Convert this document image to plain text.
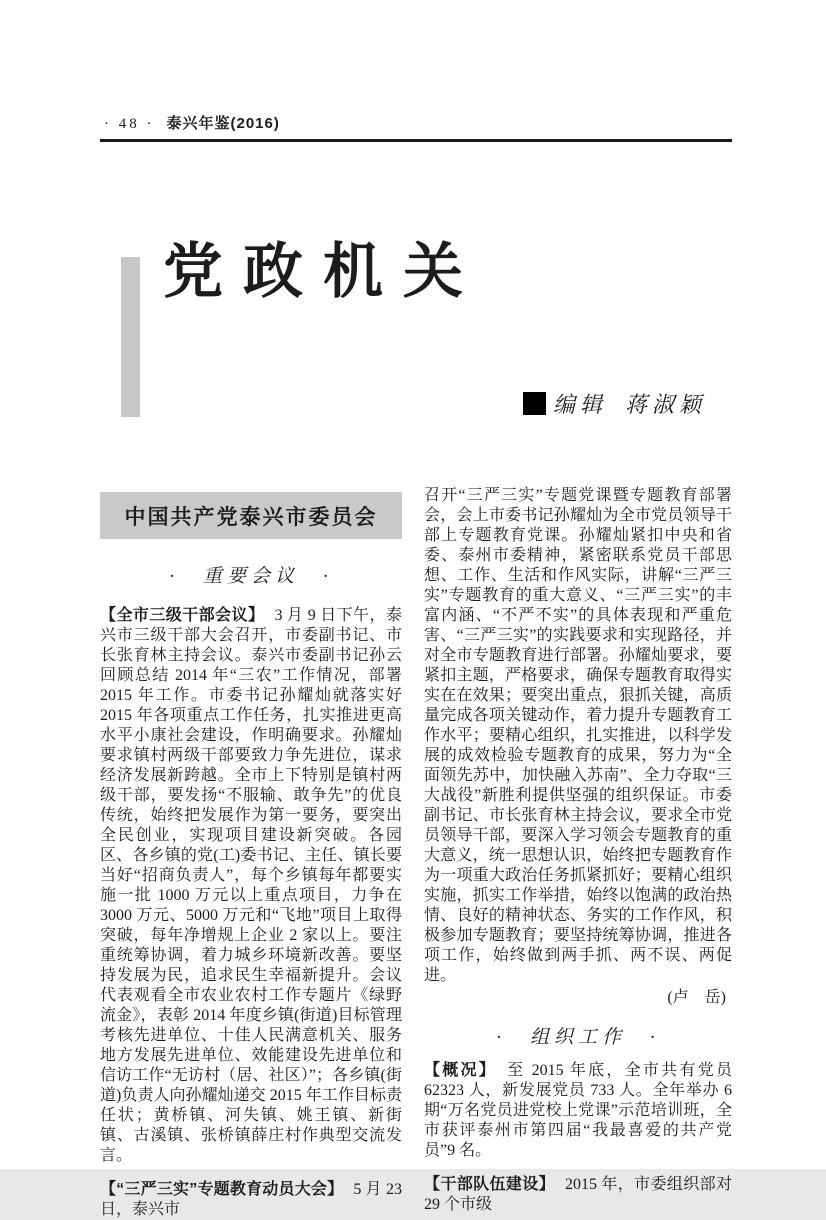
· 48 · 泰兴年鉴(2016)
党政机关
编辑 蒋淑颖
中国共产党泰兴市委员会
·　重要会议　·

【全市三级干部会议】 3 月 9 日下午，泰兴市三级干部大会召开，市委副书记、市长张育林主持会议。泰兴市委副书记孙云回顾总结 2014 年“三农”工作情况，部署 2015 年工作。市委书记孙耀灿就落实好 2015 年各项重点工作任务，扎实推进更高水平小康社会建设，作明确要求。孙耀灿要求镇村两级干部要致力争先进位，谋求经济发展新跨越。全市上下特别是镇村两级干部，要发扬“不服输、敢争先”的优良传统，始终把发展作为第一要务，要突出全民创业，实现项目建设新突破。各园区、各乡镇的党(工)委书记、主任、镇长要当好“招商负责人”，每个乡镇每年都要实施一批 1000 万元以上重点项目，力争在 3000 万元、5000 万元和“飞地”项目上取得突破，每年净增规上企业 2 家以上。要注重统筹协调，着力城乡环境新改善。要坚持发展为民，追求民生幸福新提升。会议代表观看全市农业农村工作专题片《绿野流金》，表彰 2014 年度乡镇(街道)目标管理考核先进单位、十佳人民满意机关、服务地方发展先进单位、效能建设先进单位和信访工作“无访村（居、社区）”；各乡镇(街道)负责人向孙耀灿递交 2015 年工作目标责任状；黄桥镇、河失镇、姚王镇、新街镇、古溪镇、张桥镇薛庄村作典型交流发言。

【“三严三实”专题教育动员大会】 5 月 23 日，泰兴市

召开“三严三实”专题党课暨专题教育部署会，会上市委书记孙耀灿为全市党员领导干部上专题教育党课。孙耀灿紧扣中央和省委、泰州市委精神，紧密联系党员干部思想、工作、生活和作风实际，讲解“三严三实”专题教育的重大意义、“三严三实”的丰富内涵、“不严不实”的具体表现和严重危害、“三严三实”的实践要求和实现路径，并对全市专题教育进行部署。孙耀灿要求，要紧扣主题，严格要求，确保专题教育取得实实在在效果；要突出重点，狠抓关键，高质量完成各项关键动作，着力提升专题教育工作水平；要精心组织，扎实推进，以科学发展的成效检验专题教育的成果，努力为“全面领先苏中，加快融入苏南”、全力夺取“三大战役”新胜利提供坚强的组织保证。市委副书记、市长张育林主持会议，要求全市党员领导干部，要深入学习领会专题教育的重大意义，统一思想认识，始终把专题教育作为一项重大政治任务抓紧抓好；要精心组织实施，抓实工作举措，始终以饱满的政治热情、良好的精神状态、务实的工作作风，积极参加专题教育；要坚持统筹协调，推进各项工作，始终做到两手抓、两不误、两促进。

(卢　岳)
·　组织工作　·

【概况】 至 2015 年底，全市共有党员 62323 人，新发展党员 733 人。全年举办 6 期“万名党员进党校上党课”示范培训班，全市获评泰州市第四届“我最喜爱的共产党员”9 名。

【干部队伍建设】 2015 年，市委组织部对 29 个市级
